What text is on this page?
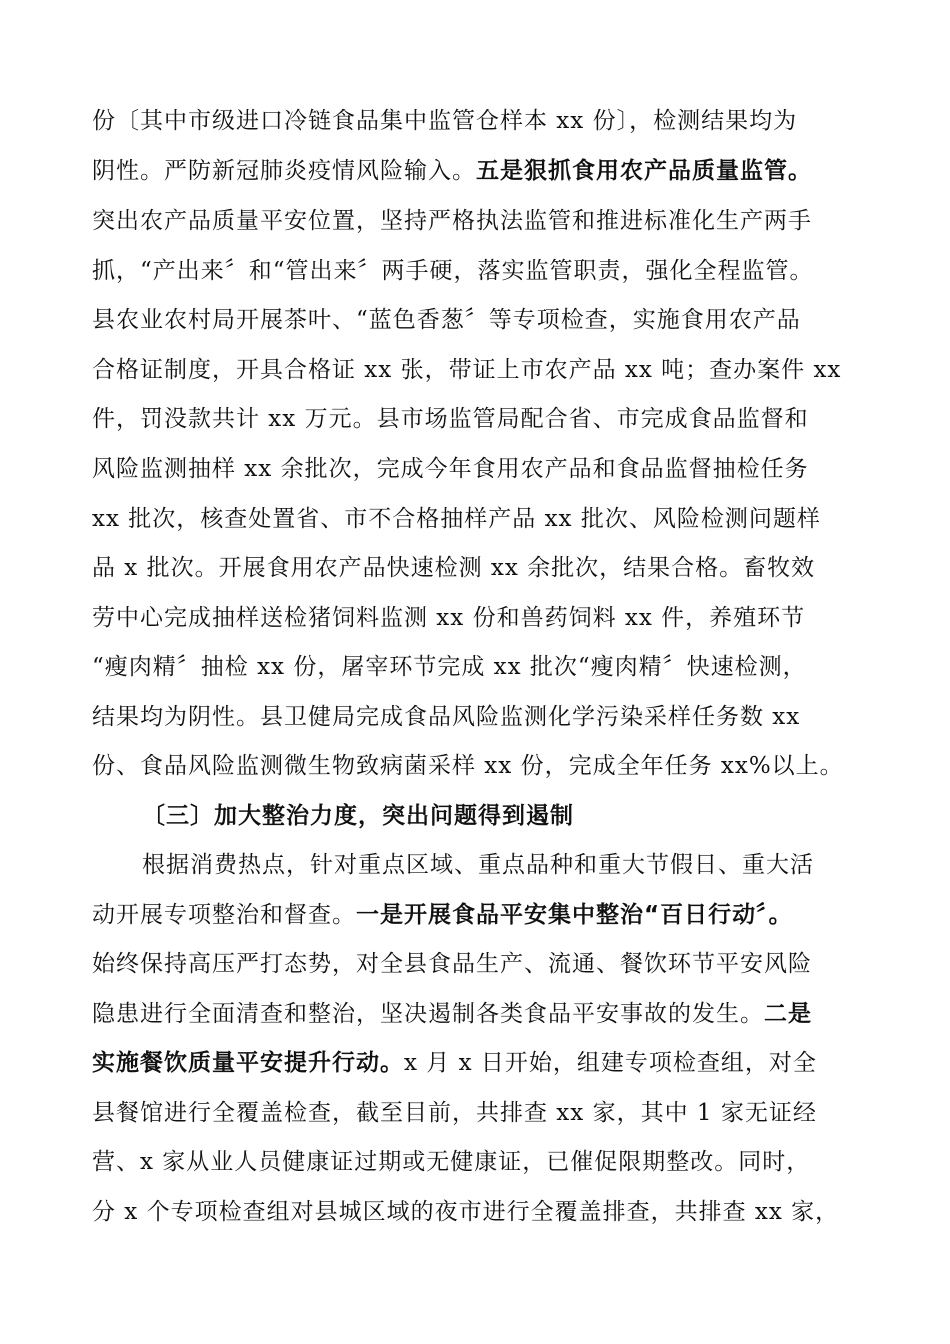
份〔其中市级进口冷链食品集中监管仓样本 xx 份〕，检测结果均为
阴性。严防新冠肺炎疫情风险输入。五是狠抓食用农产品质量监管。
突出农产品质量平安位置，坚持严格执法监管和推进标准化生产两手
抓，“产出来〞和“管出来〞两手硬，落实监管职责，强化全程监管。
县农业农村局开展茶叶、“蓝色香葱〞等专项检查，实施食用农产品
合格证制度，开具合格证 xx 张，带证上市农产品 xx 吨；查办案件 xx
件，罚没款共计 xx 万元。县市场监管局配合省、市完成食品监督和
风险监测抽样 xx 余批次，完成今年食用农产品和食品监督抽检任务
xx 批次，核查处置省、市不合格抽样产品 xx 批次、风险检测问题样
品 x 批次。开展食用农产品快速检测 xx 余批次，结果合格。畜牧效
劳中心完成抽样送检猪饲料监测 xx 份和兽药饲料 xx 件，养殖环节
“瘦肉精〞抽检 xx 份，屠宰环节完成 xx 批次“瘦肉精〞快速检测，
结果均为阴性。县卫健局完成食品风险监测化学污染采样任务数 xx
份、食品风险监测微生物致病菌采样 xx 份，完成全年任务 xx%以上。
〔三〕加大整治力度，突出问题得到遏制
根据消费热点，针对重点区域、重点品种和重大节假日、重大活
动开展专项整治和督查。一是开展食品平安集中整治“百日行动〞。
始终保持高压严打态势，对全县食品生产、流通、餐饮环节平安风险
隐患进行全面清查和整治，坚决遏制各类食品平安事故的发生。二是
实施餐饮质量平安提升行动。x 月 x 日开始，组建专项检查组，对全
县餐馆进行全覆盖检查，截至目前，共排查 xx 家，其中 1 家无证经
营、x 家从业人员健康证过期或无健康证，已催促限期整改。同时，
分 x 个专项检查组对县城区域的夜市进行全覆盖排查，共排查 xx 家，
